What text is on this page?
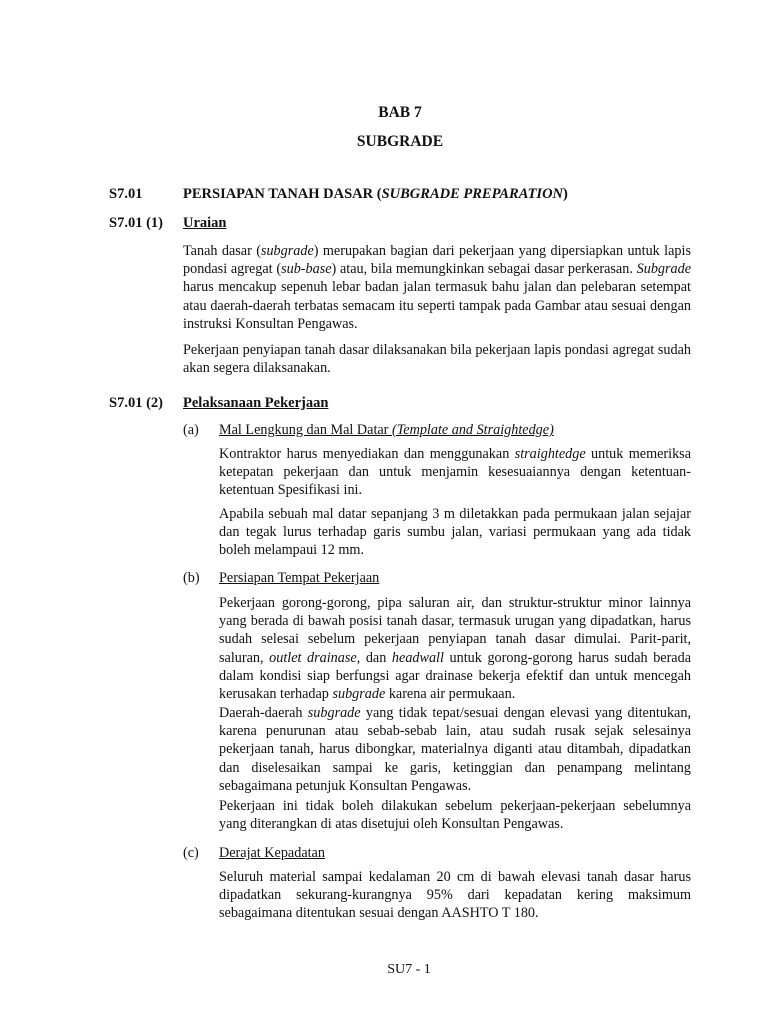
BAB 7
SUBGRADE
S7.01	PERSIAPAN TANAH DASAR (SUBGRADE PREPARATION)
S7.01 (1) Uraian
Tanah dasar (subgrade) merupakan bagian dari pekerjaan yang dipersiapkan untuk lapis pondasi agregat (sub-base) atau, bila memungkinkan sebagai dasar perkerasan. Subgrade harus mencakup sepenuh lebar badan jalan termasuk bahu jalan dan pelebaran setempat atau daerah-daerah terbatas semacam itu seperti tampak pada Gambar atau sesuai dengan instruksi Konsultan Pengawas.
Pekerjaan penyiapan tanah dasar dilaksanakan bila pekerjaan lapis pondasi agregat sudah akan segera dilaksanakan.
S7.01 (2) Pelaksanaan Pekerjaan
(a) Mal Lengkung dan Mal Datar (Template and Straightedge)
Kontraktor harus menyediakan dan menggunakan straightedge untuk memeriksa ketepatan pekerjaan dan untuk menjamin kesesuaiannya dengan ketentuan-ketentuan Spesifikasi ini.
Apabila sebuah mal datar sepanjang 3 m diletakkan pada permukaan jalan sejajar dan tegak lurus terhadap garis sumbu jalan, variasi permukaan yang ada tidak boleh melampaui 12 mm.
(b) Persiapan Tempat Pekerjaan
Pekerjaan gorong-gorong, pipa saluran air, dan struktur-struktur minor lainnya yang berada di bawah posisi tanah dasar, termasuk urugan yang dipadatkan, harus sudah selesai sebelum pekerjaan penyiapan tanah dasar dimulai. Parit-parit, saluran, outlet drainase, dan headwall untuk gorong-gorong harus sudah berada dalam kondisi siap berfungsi agar drainase bekerja efektif dan untuk mencegah kerusakan terhadap subgrade karena air permukaan.
Daerah-daerah subgrade yang tidak tepat/sesuai dengan elevasi yang ditentukan, karena penurunan atau sebab-sebab lain, atau sudah rusak sejak selesainya pekerjaan tanah, harus dibongkar, materialnya diganti atau ditambah, dipadatkan dan diselesaikan sampai ke garis, ketinggian dan penampang melintang sebagaimana petunjuk Konsultan Pengawas.
Pekerjaan ini tidak boleh dilakukan sebelum pekerjaan-pekerjaan sebelumnya yang diterangkan di atas disetujui oleh Konsultan Pengawas.
(c) Derajat Kepadatan
Seluruh material sampai kedalaman 20 cm di bawah elevasi tanah dasar harus dipadatkan sekurang-kurangnya 95% dari kepadatan kering maksimum sebagaimana ditentukan sesuai dengan AASHTO T 180.
SU7 - 1
